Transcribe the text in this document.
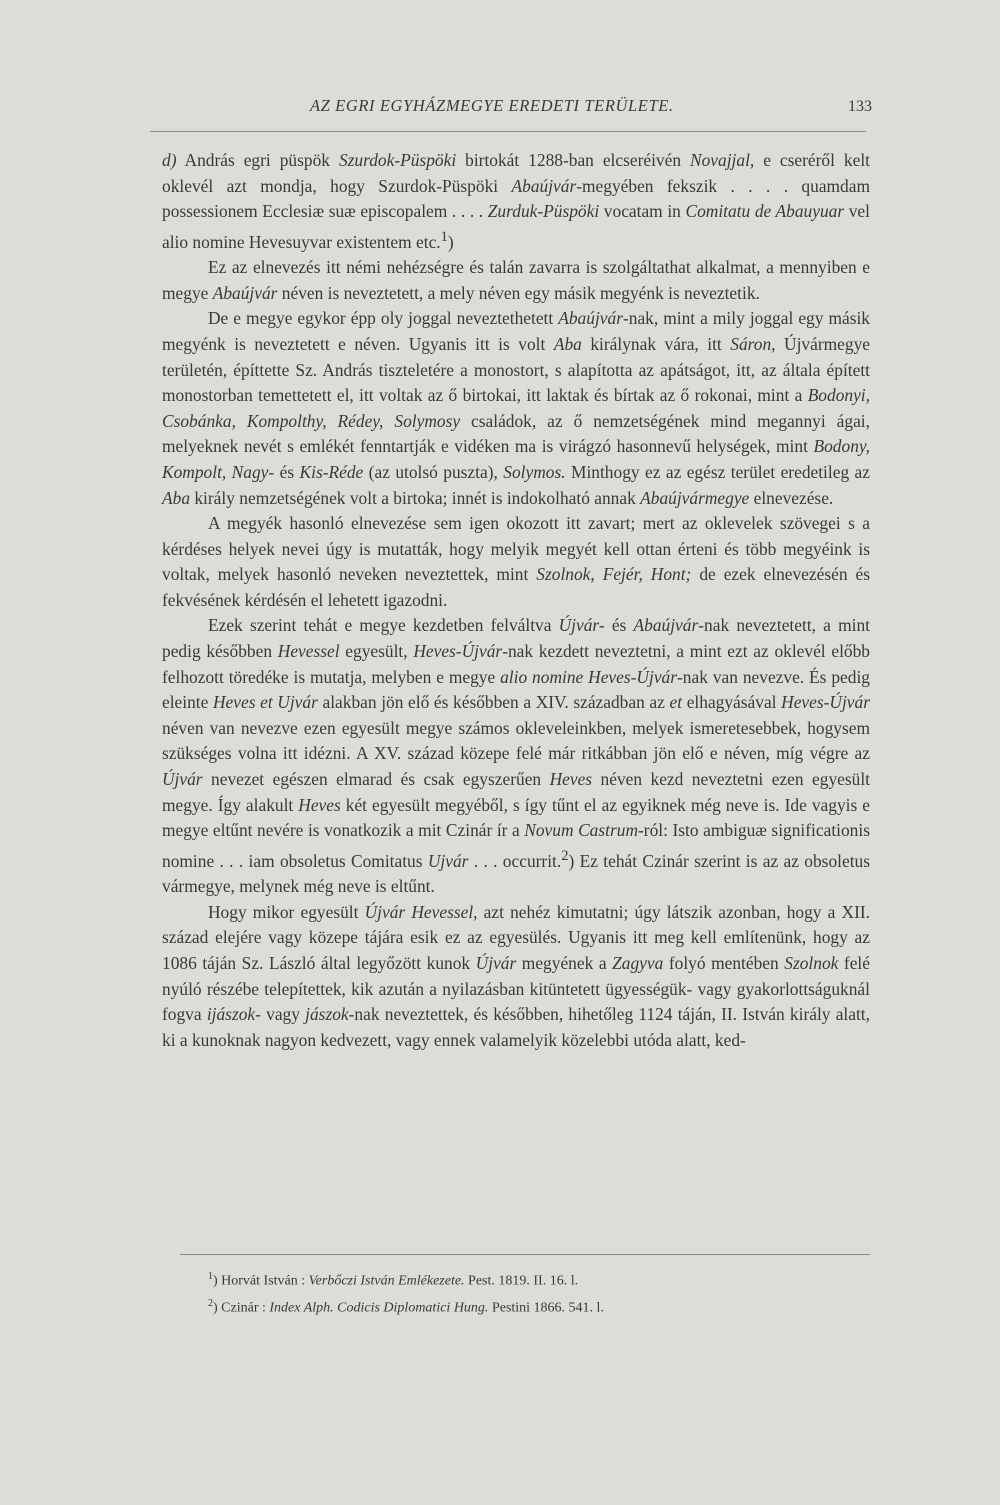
AZ EGRI EGYHÁZMEGYE EREDETI TERÜLETE.	133

d) András egri püspök Szurdok-Püspöki birtokát 1288-ban elcseréivén Novajjal, e cseréről kelt oklevél azt mondja, hogy Szurdok-Püspöki Abaújvár-megyében fekszik . . . . quamdam possessionem Ecclesiæ suæ episcopalem . . . . Zurduk-Püspöki vocatam in Comitatu de Abauyuar vel alio nomine Hevesuyvar existentem etc.$^1$)

Ez az elnevezés itt némi nehézségre és talán zavarra is szolgáltathat alkalmat, a mennyiben e megye Abaújvár néven is neveztetett, a mely néven egy másik megyénk is neveztetik.

De e megye egykor épp oly joggal neveztethetett Abaújvár-nak, mint a mily joggal egy másik megyénk is neveztetett e néven. Ugyanis itt is volt Aba királynak vára, itt Sáron, Újvármegye területén, építtette Sz. András tiszteletére a monostort, s alapította az apátságot, itt, az általa épített monostorban temettetett el, itt voltak az ő birtokai, itt laktak és bírtak az ő rokonai, mint a Bodonyi, Csobánka, Kompolthy, Rédey, Solymosy családok, az ő nemzetségének mind megannyi ágai, melyeknek nevét s emlékét fenntartják e vidéken ma is virágzó hasonnevű helységek, mint Bodony, Kompolt, Nagy- és Kis-Réde (az utolsó puszta), Solymos. Minthogy ez az egész terület eredetileg az Aba király nemzetségének volt a birtoka; innét is indokolható annak Abaújvármegye elnevezése.

A megyék hasonló elnevezése sem igen okozott itt zavart; mert az oklevelek szövegei s a kérdéses helyek nevei úgy is mutatták, hogy melyik megyét kell ottan érteni és több megyéink is voltak, melyek hasonló neveken neveztettek, mint Szolnok, Fejér, Hont; de ezek elnevezésén és fekvésének kérdésén el lehetett igazodni.

Ezek szerint tehát e megye kezdetben felváltva Újvár- és Abaújvár-nak neveztetett, a mint pedig későbben Hevessel egyesült, Heves-Újvár-nak kezdett neveztetni, a mint ezt az oklevél előbb felhozott töredéke is mutatja, melyben e megye alio nomine Heves-Újvár-nak van nevezve. És pedig eleinte Heves et Ujvár alakban jön elő és későbben a XIV. században az et elhagyásával Heves-Újvár néven van nevezve ezen egyesült megye számos okleveleinkben, melyek ismeretesebbek, hogysem szükséges volna itt idézni. A XV. század közepe felé már ritkábban jön elő e néven, míg végre az Újvár nevezet egészen elmarad és csak egyszerűen Heves néven kezd neveztetni ezen egyesült megye. Így alakult Heves két egyesült megyéből, s így tűnt el az egyiknek még neve is. Ide vagyis e megye eltűnt nevére is vonatkozik a mit Czinár ír a Novum Castrum-ról: Isto ambiguæ significationis nomine . . . iam obsoletus Comitatus Ujvár . . . occurrit.$^2$) Ez tehát Czinár szerint is az az obsoletus vármegye, melynek még neve is eltűnt.

Hogy mikor egyesült Újvár Hevessel, azt nehéz kimutatni; úgy látszik azonban, hogy a XII. század elejére vagy közepe tájára esik ez az egyesülés. Ugyanis itt meg kell említenünk, hogy az 1086 táján Sz. László által legyőzött kunok Újvár megyének a Zagyva folyó mentében Szolnok felé nyúló részébe telepítettek, kik azután a nyilazásban kitüntetett ügyességük- vagy gyakorlottságuknál fogva ijászok- vagy jászok-nak neveztettek, és későbben, hihetőleg 1124 táján, II. István király alatt, ki a kunoknak nagyon kedvezett, vagy ennek valamelyik közelebbi utóda alatt, ked-

$^1$) Horvát István : Verbőczi István Emlékezete. Pest. 1819. II. 16. l.
$^2$) Czinár : Index Alph. Codicis Diplomatici Hung. Pestini 1866. 541. l.
